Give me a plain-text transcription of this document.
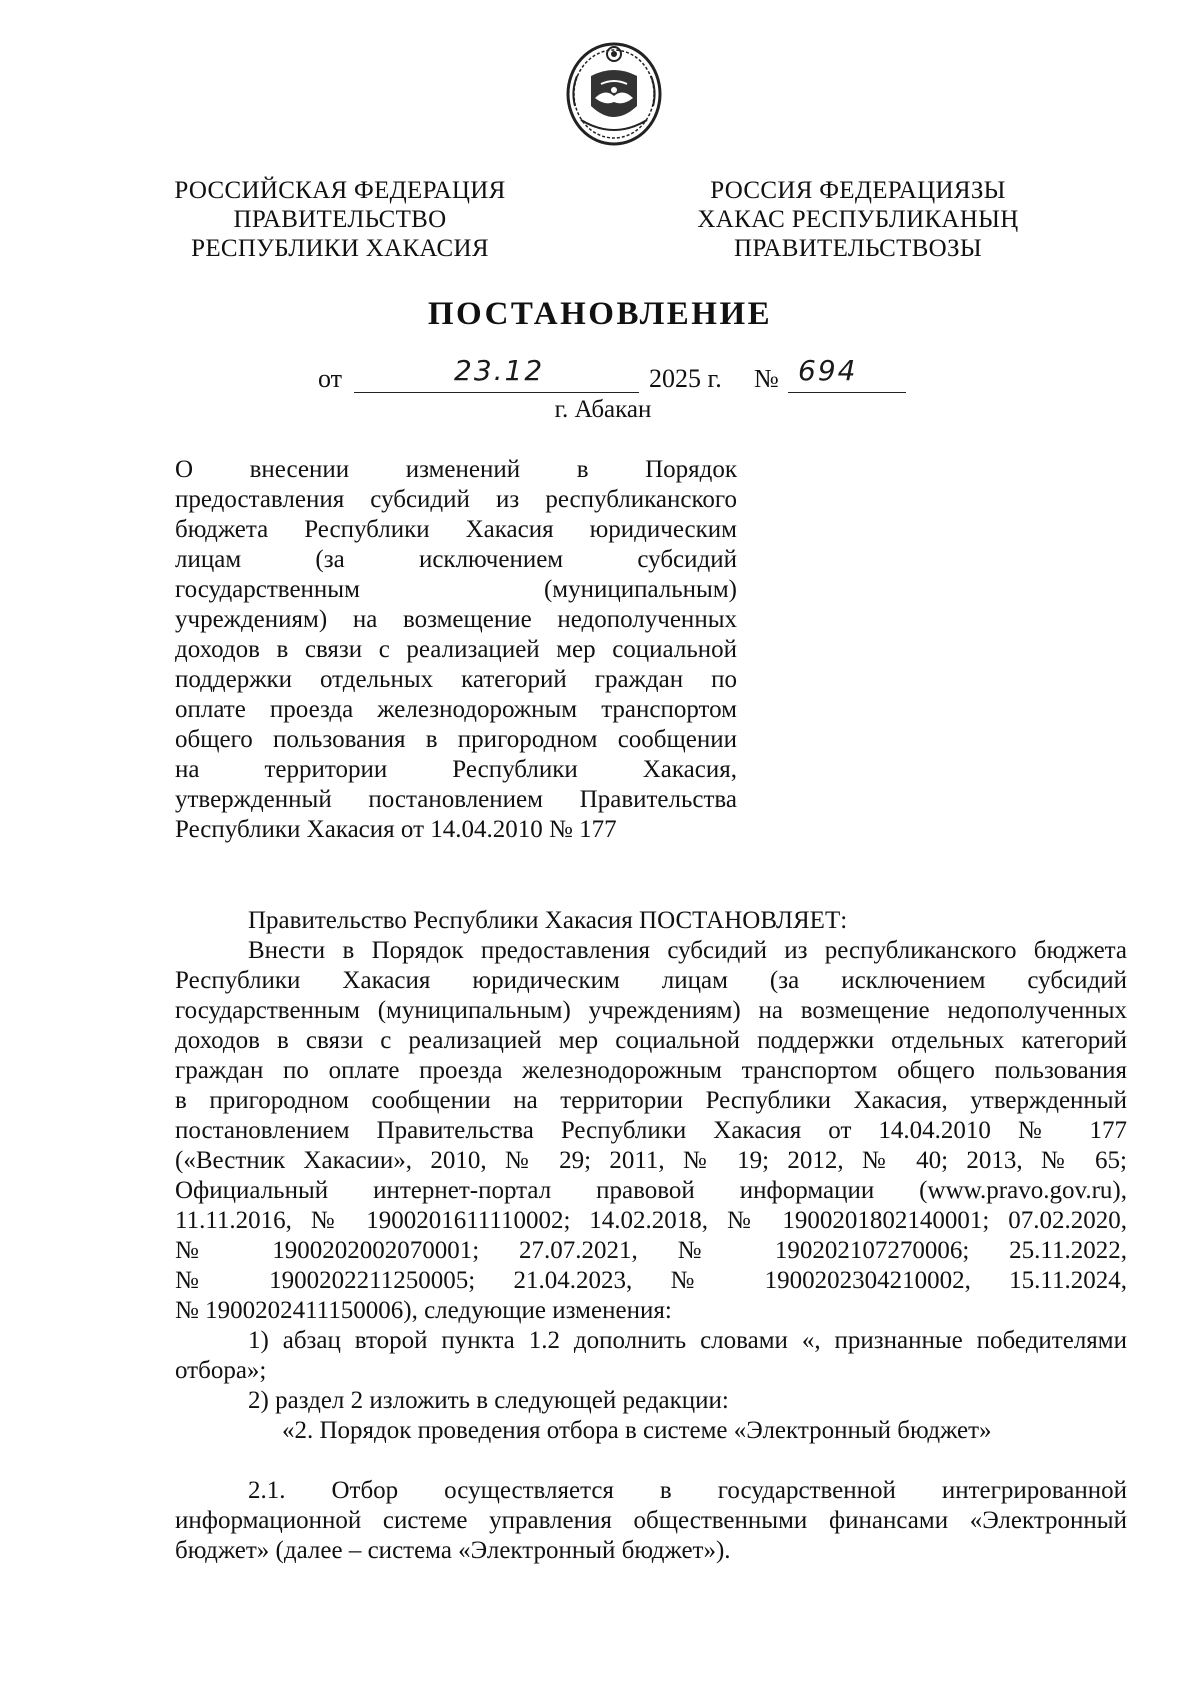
РОССИЙСКАЯ ФЕДЕРАЦИЯ
ПРАВИТЕЛЬСТВО
РЕСПУБЛИКИ ХАКАСИЯ
РОССИЯ ФЕДЕРАЦИЯЗЫ
ХАКАС РЕСПУБЛИКАНЫҢ
ПРАВИТЕЛЬСТВОЗЫ
ПОСТАНОВЛЕНИЕ
от	23.12	2025 г. № 694
г. Абакан
О внесении изменений в Порядок
предоставления субсидий из республиканского
бюджета Республики Хакасия юридическим
лицам (за исключением субсидий
государственным (муниципальным)
учреждениям) на возмещение недополученных
доходов в связи с реализацией мер социальной
поддержки отдельных категорий граждан по
оплате проезда железнодорожным транспортом
общего пользования в пригородном сообщении
на территории Республики Хакасия,
утвержденный постановлением Правительства
Республики Хакасия от 14.04.2010 № 177
Правительство Республики Хакасия ПОСТАНОВЛЯЕТ:
Внести в Порядок предоставления субсидий из республиканского бюджета
Республики Хакасия юридическим лицам (за исключением субсидий
государственным (муниципальным) учреждениям) на возмещение недополученных
доходов в связи с реализацией мер социальной поддержки отдельных категорий
граждан по оплате проезда железнодорожным транспортом общего пользования
в пригородном сообщении на территории Республики Хакасия, утвержденный
постановлением Правительства Республики Хакасия от 14.04.2010 № 177
(«Вестник Хакасии», 2010, № 29; 2011, № 19; 2012, № 40; 2013, № 65;
Официальный интернет-портал правовой информации (www.pravo.gov.ru),
11.11.2016, № 1900201611110002; 14.02.2018, № 1900201802140001; 07.02.2020,
№ 1900202002070001; 27.07.2021, № 190202107270006; 25.11.2022,
№ 1900202211250005; 21.04.2023, № 1900202304210002, 15.11.2024,
№ 1900202411150006), следующие изменения:
1) абзац второй пункта 1.2 дополнить словами «, признанные победителями
отбора»;
2) раздел 2 изложить в следующей редакции:
«2. Порядок проведения отбора в системе «Электронный бюджет»
2.1. Отбор осуществляется в государственной интегрированной
информационной системе управления общественными финансами «Электронный
бюджет» (далее – система «Электронный бюджет»).
